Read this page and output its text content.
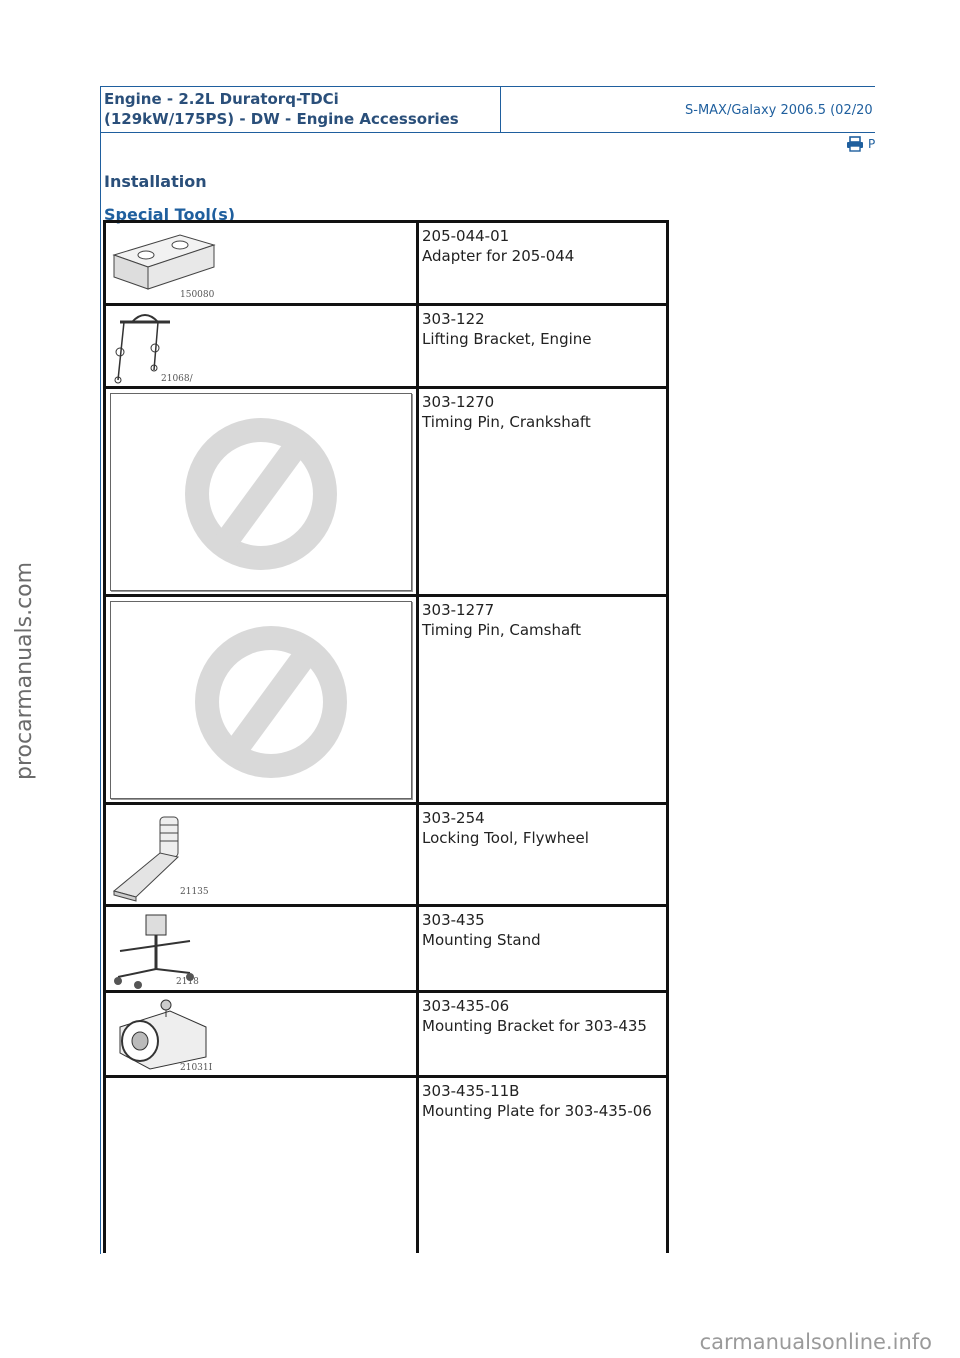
Engine - 2.2L Duratorq-TDCi
(129kW/175PS) - DW - Engine Accessories	S-MAX/Galaxy 2006.5 (02/20
P
Installation
Special Tool(s)
150080	205-044-01
Adapter for 205-044

21068/	303-122
Lifting Bracket, Engine

303-1270
Timing Pin, Crankshaft

303-1277
Timing Pin, Camshaft

21135	303-254
Locking Tool, Flywheel

2118	303-435
Mounting Stand

21031I	303-435-06
Mounting Bracket for 303-435

	303-435-11B
Mounting Plate for 303-435-06
procarmanuals.com
carmanualsonline.info
